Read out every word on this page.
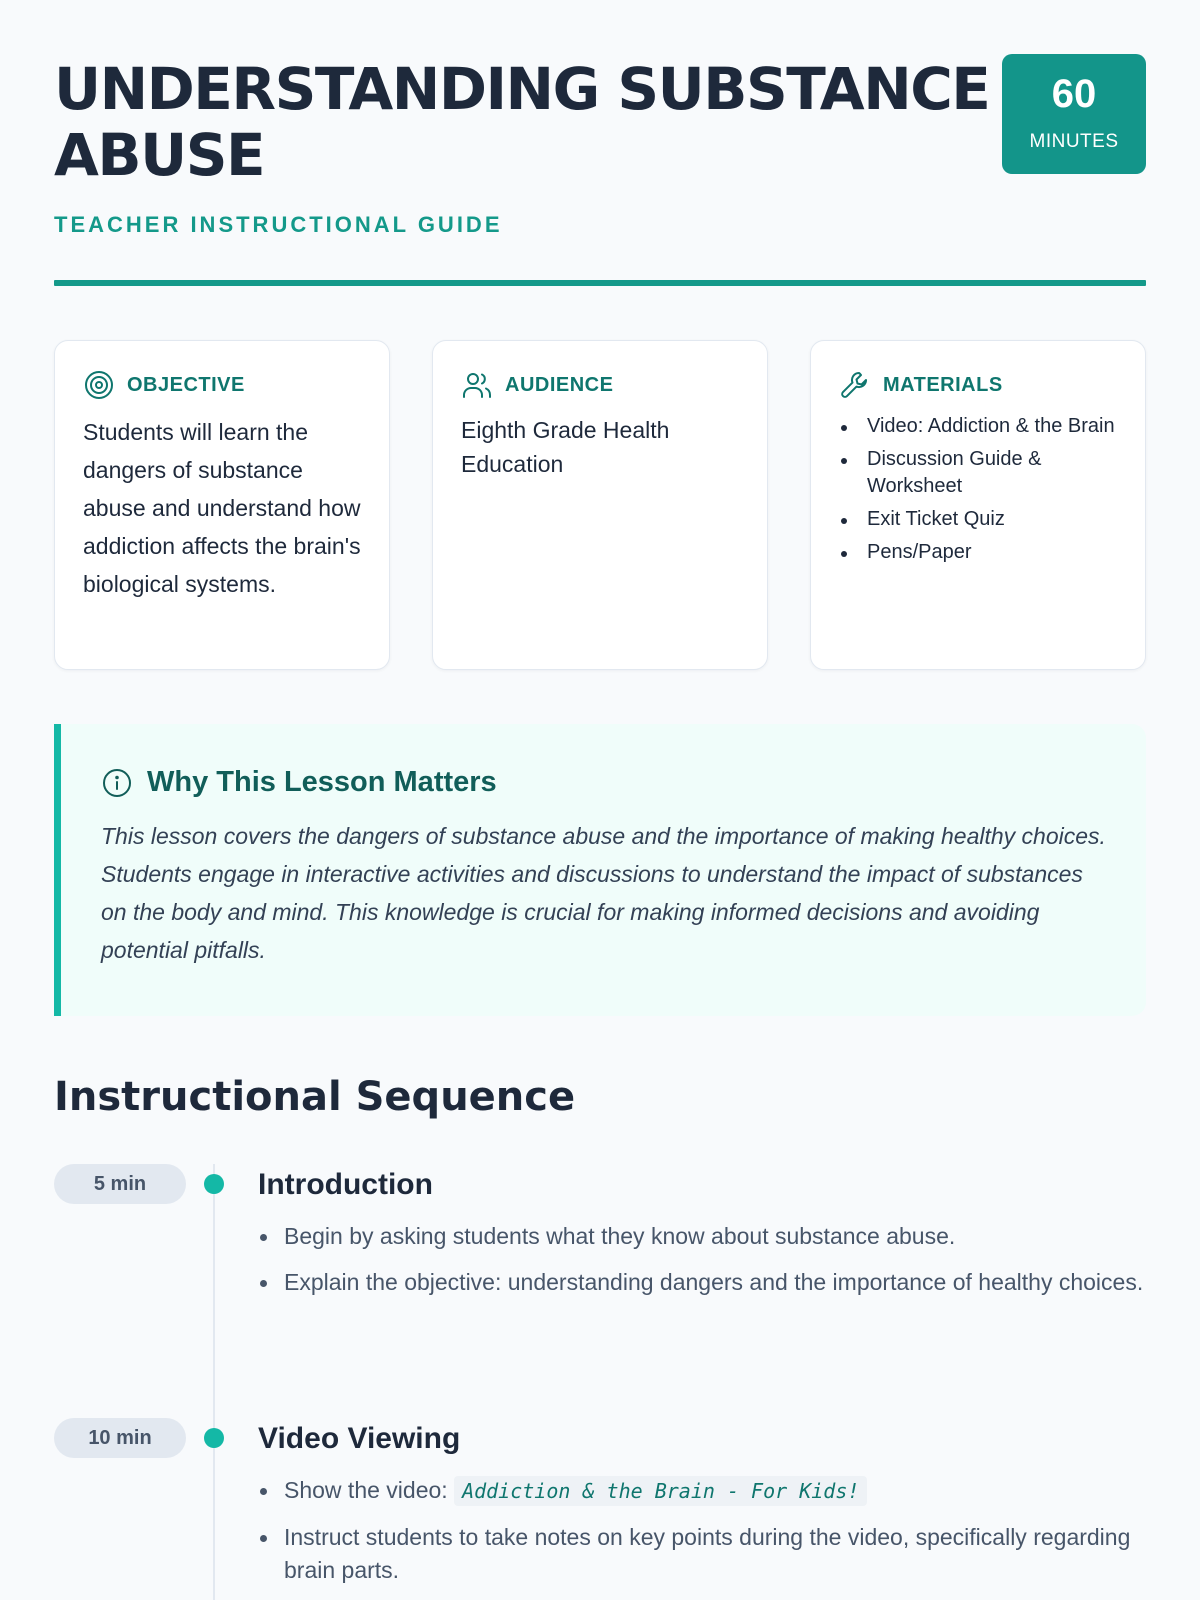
UNDERSTANDING SUBSTANCE ABUSE
TEACHER INSTRUCTIONAL GUIDE
60
MINUTES
OBJECTIVE

Students will learn the dangers of substance abuse and understand how addiction affects the brain's biological systems.

AUDIENCE

Eighth Grade Health Education

MATERIALS
Video: Addiction & the Brain
Discussion Guide & Worksheet
Exit Ticket Quiz
Pens/Paper
Why This Lesson Matters

This lesson covers the dangers of substance abuse and the importance of making healthy choices. Students engage in interactive activities and discussions to understand the impact of substances on the body and mind. This knowledge is crucial for making informed decisions and avoiding potential pitfalls.

Instructional Sequence
5 min	Introduction
Begin by asking students what they know about substance abuse.
Explain the objective: understanding dangers and the importance of healthy choices.
10 min	Video Viewing
Show the video: Addiction & the Brain - For Kids!
Instruct students to take notes on key points during the video, specifically regarding brain parts.
